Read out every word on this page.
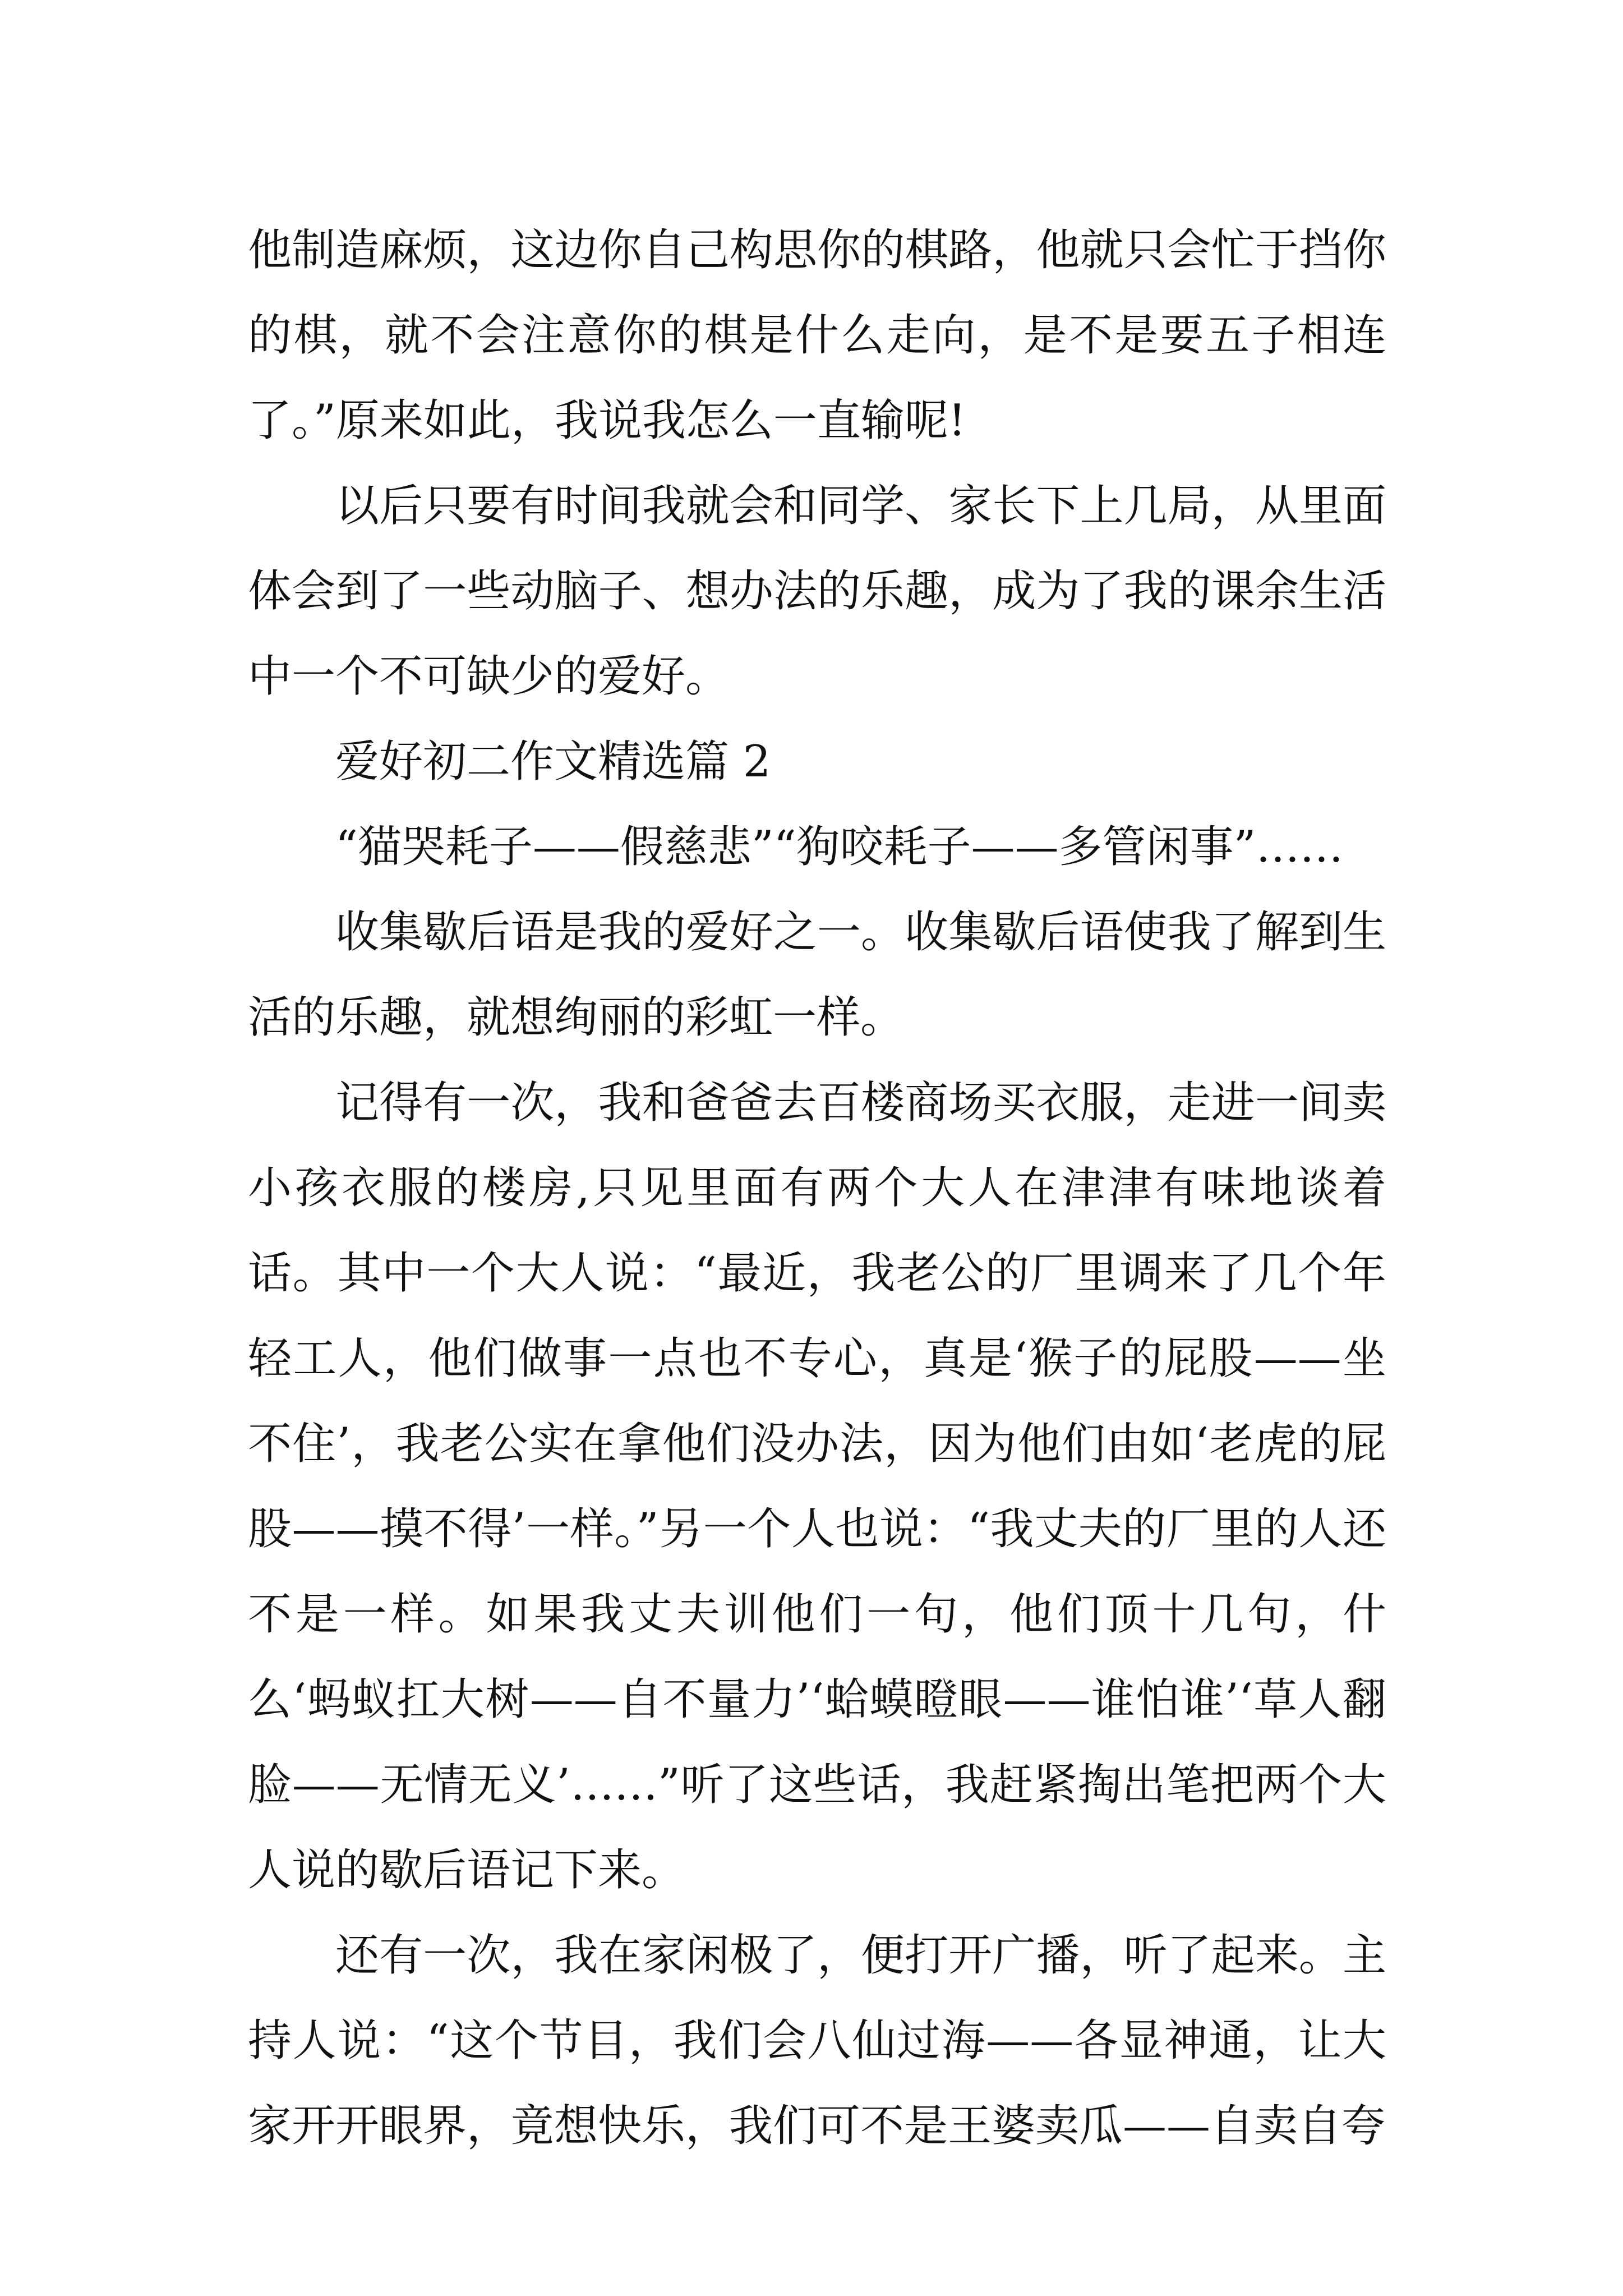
他制造麻烦，这边你自己构思你的棋路，他就只会忙于挡你的棋，就不会注意你的棋是什么走向，是不是要五子相连了。”原来如此，我说我怎么一直输呢!

以后只要有时间我就会和同学、家长下上几局，从里面体会到了一些动脑子、想办法的乐趣，成为了我的课余生活中一个不可缺少的爱好。

爱好初二作文精选篇 2

“猫哭耗子——假慈悲”“狗咬耗子——多管闲事”……

收集歇后语是我的爱好之一。收集歇后语使我了解到生活的乐趣，就想绚丽的彩虹一样。

记得有一次，我和爸爸去百楼商场买衣服，走进一间卖小孩衣服的楼房,只见里面有两个大人在津津有味地谈着话。其中一个大人说：“最近，我老公的厂里调来了几个年轻工人，他们做事一点也不专心，真是‘猴子的屁股——坐不住’，我老公实在拿他们没办法，因为他们由如‘老虎的屁股——摸不得’一样。”另一个人也说：“我丈夫的厂里的人还不是一样。如果我丈夫训他们一句，他们顶十几句，什么‘蚂蚁扛大树——自不量力’‘蛤蟆瞪眼——谁怕谁’‘草人翻脸——无情无义’……”听了这些话，我赶紧掏出笔把两个大人说的歇后语记下来。

还有一次，我在家闲极了，便打开广播，听了起来。主持人说：“这个节目，我们会八仙过海——各显神通，让大家开开眼界，竟想快乐，我们可不是王婆卖瓜——自卖自夸
